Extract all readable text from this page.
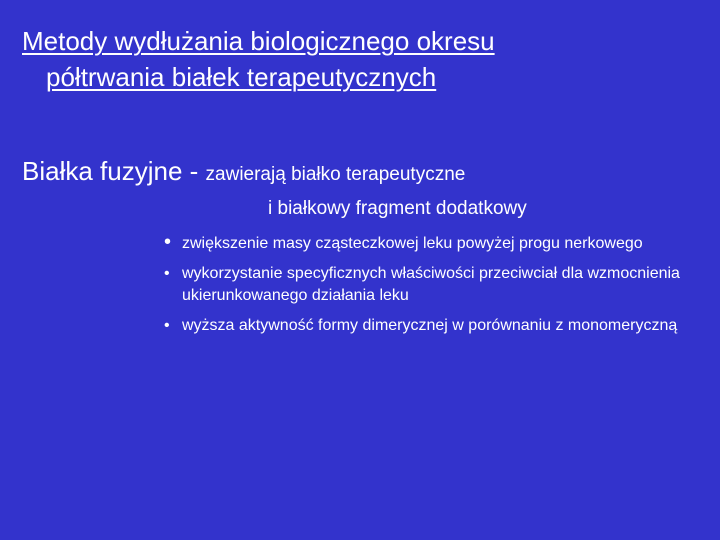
Metody wydłużania biologicznego okresu
półtrwania białek terapeutycznych
Białka fuzyjne - zawierają białko terapeutyczne
i białkowy fragment dodatkowy
• zwiększenie masy cząsteczkowej leku powyżej progu nerkowego
• wykorzystanie specyficznych właściwości przeciwciał dla wzmocnienia ukierunkowanego działania leku
• wyższa aktywność formy dimerycznej w porównaniu z monomeryczną
